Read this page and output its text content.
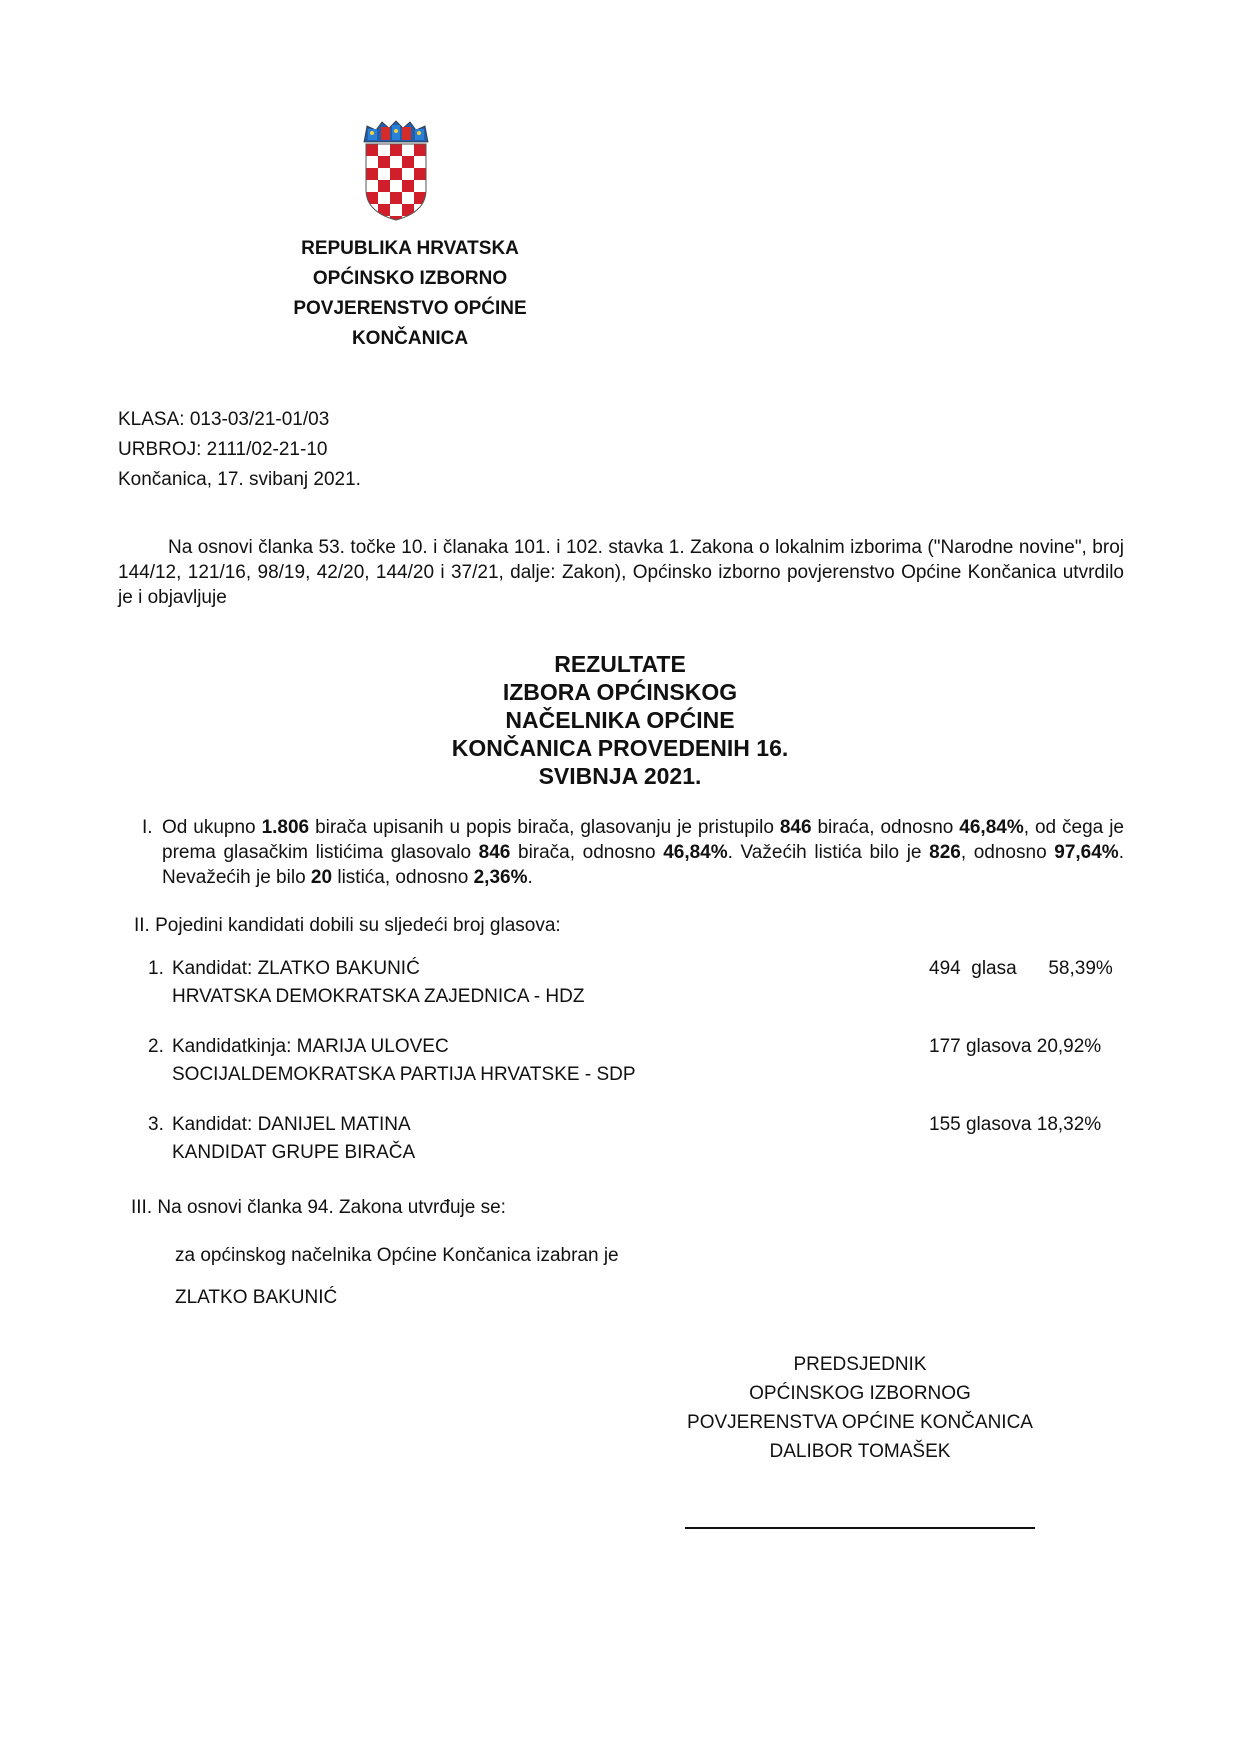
REPUBLIKA HRVATSKA
OPĆINSKO IZBORNO
POVJERENSTVO OPĆINE
KONČANICA
KLASA: 013-03/21-01/03
URBROJ: 2111/02-21-10
Končanica, 17. svibanj 2021.
Na osnovi članka 53. točke 10. i članaka 101. i 102. stavka 1. Zakona o lokalnim izborima ("Narodne novine", broj 144/12, 121/16, 98/19, 42/20, 144/20 i 37/21, dalje: Zakon), Općinsko izborno povjerenstvo Općine Končanica utvrdilo je i objavljuje
REZULTATE
IZBORA OPĆINSKOG
NAČELNIKA OPĆINE
KONČANICA PROVEDENIH 16.
SVIBNJA 2021.
I. Od ukupno 1.806 birača upisanih u popis birača, glasovanju je pristupilo 846 birаća, odnosno 46,84%, od čega je prema glasačkim listićima glasovalo 846 birača, odnosno 46,84%. Važećih listića bilo je 826, odnosno 97,64%. Nevažećih je bilo 20 listića, odnosno 2,36%.
II. Pojedini kandidati dobili su sljedeći broj glasova:
1. Kandidat: ZLATKO BAKUNIĆ
HRVATSKA DEMOKRATSKA ZAJEDNICA - HDZ
494  glasa      58,39%
2. Kandidatkinja: MARIJA ULOVEC
SOCIJALDEMOKRATSKA PARTIJA HRVATSKE - SDP
177 glasova 20,92%
3. Kandidat: DANIJEL MATINA
KANDIDAT GRUPE BIRAČA
155 glasova 18,32%
III. Na osnovi članka 94. Zakona utvrđuje se:
za općinskog načelnika Općine Končanica izabran je
ZLATKO BAKUNIĆ
PREDSJEDNIK
OPĆINSKOG IZBORNOG
POVJERENSTVA OPĆINE KONČANICA
DALIBOR TOMAŠEK
